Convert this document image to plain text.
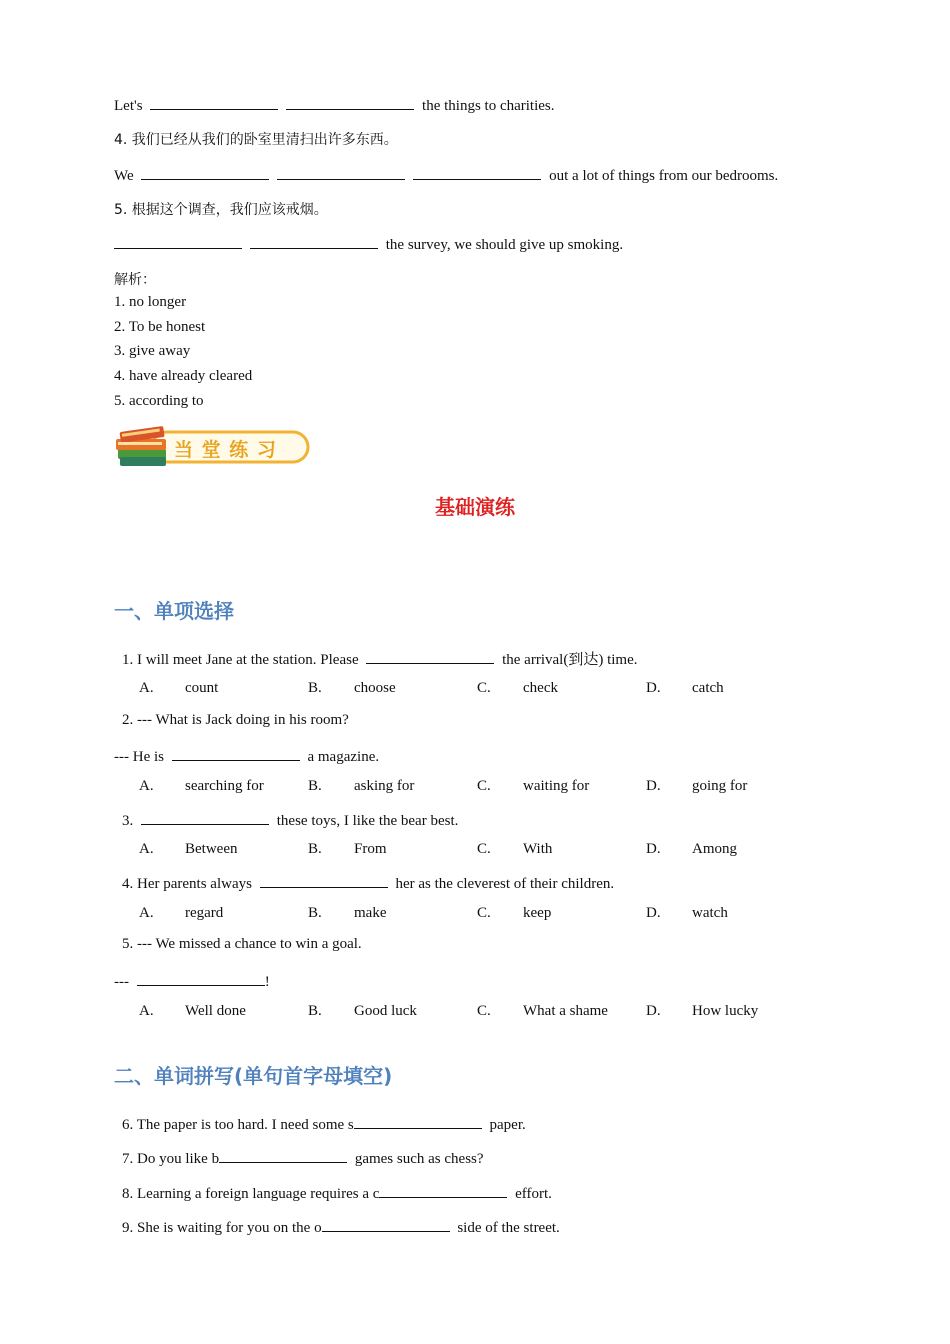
Let's	the things to charities.
4. 我们已经从我们的卧室里清扫出许多东西。
We	out a lot of things from our bedrooms.
5. 根据这个调查，我们应该戒烟。
the survey, we should give up smoking.
解析：
1. no longer
2. To be honest
3. give away
4. have already cleared
5. according to
当 堂 练 习
基础演练
一、单项选择
1. I will meet Jane at the station. Please	the arrival(到达) time.
A. count	B. choose	C. check	D. catch
2. --- What is Jack doing in his room?
--- He is	a magazine.
A. searching for	B. asking for	C. waiting for	D. going for
3.	these toys, I like the bear best.
A. Between	B. From	C. With	D. Among
4. Her parents always	her as the cleverest of their children.
A. regard	B. make	C. keep	D. watch
5. --- We missed a chance to win a goal.
---	!
A. Well done	B. Good luck	C. What a shame	D. How lucky
二、单词拼写(单句首字母填空)
6. The paper is too hard. I need some s	paper.
7. Do you like b	games such as chess?
8. Learning a foreign language requires a c	effort.
9. She is waiting for you on the o	side of the street.
